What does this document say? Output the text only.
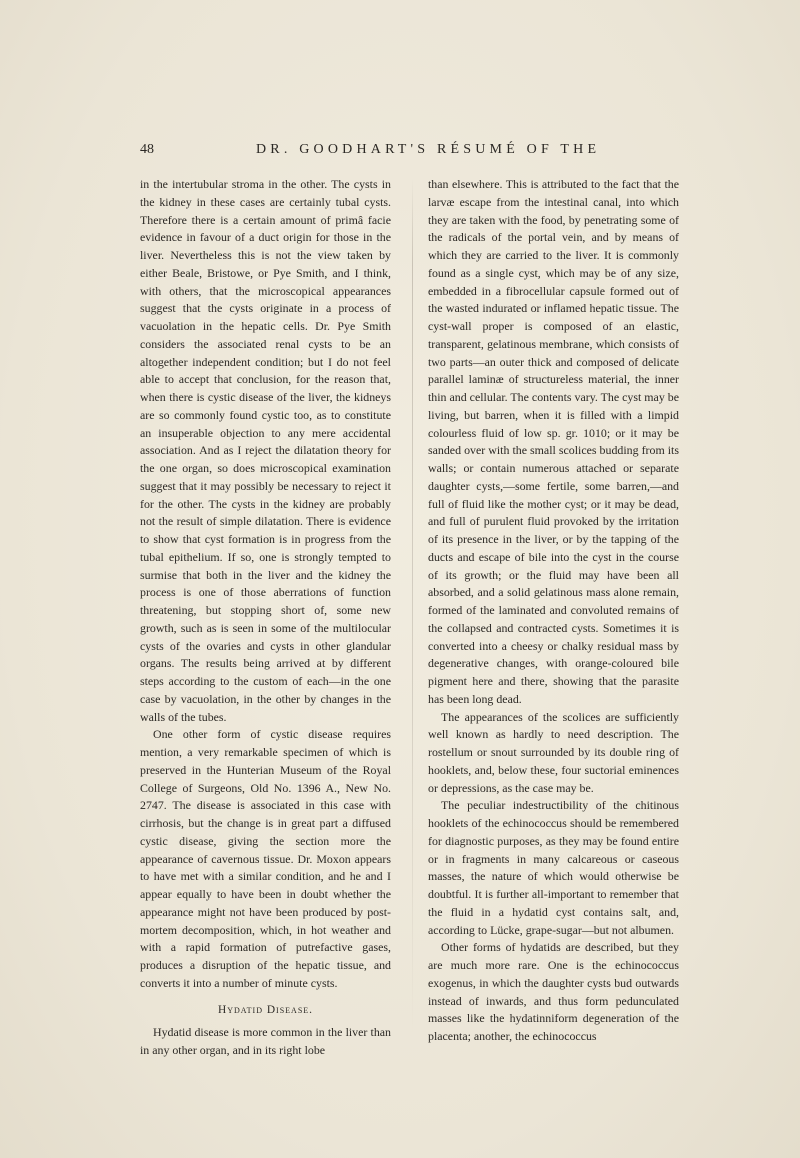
48	DR. GOODHART'S RÉSUMÉ OF THE

in the intertubular stroma in the other. The cysts in the kidney in these cases are certainly tubal cysts. Therefore there is a certain amount of primâ facie evidence in favour of a duct origin for those in the liver. Nevertheless this is not the view taken by either Beale, Bristowe, or Pye Smith, and I think, with others, that the microscopical appearances suggest that the cysts originate in a process of vacuolation in the hepatic cells. Dr. Pye Smith considers the associated renal cysts to be an altogether independent condition; but I do not feel able to accept that conclusion, for the reason that, when there is cystic disease of the liver, the kidneys are so commonly found cystic too, as to constitute an insuperable objection to any mere accidental association. And as I reject the dilatation theory for the one organ, so does microscopical examination suggest that it may possibly be necessary to reject it for the other. The cysts in the kidney are probably not the result of simple dilatation. There is evidence to show that cyst formation is in progress from the tubal epithelium. If so, one is strongly tempted to surmise that both in the liver and the kidney the process is one of those aberrations of function threatening, but stopping short of, some new growth, such as is seen in some of the multilocular cysts of the ovaries and cysts in other glandular organs. The results being arrived at by different steps according to the custom of each—in the one case by vacuolation, in the other by changes in the walls of the tubes.

One other form of cystic disease requires mention, a very remarkable specimen of which is preserved in the Hunterian Museum of the Royal College of Surgeons, Old No. 1396 A., New No. 2747. The disease is associated in this case with cirrhosis, but the change is in great part a diffused cystic disease, giving the section more the appearance of cavernous tissue. Dr. Moxon appears to have met with a similar condition, and he and I appear equally to have been in doubt whether the appearance might not have been produced by post-mortem decomposition, which, in hot weather and with a rapid formation of putrefactive gases, produces a disruption of the hepatic tissue, and converts it into a number of minute cysts.

Hydatid Disease.

Hydatid disease is more common in the liver than in any other organ, and in its right lobe

than elsewhere. This is attributed to the fact that the larvæ escape from the intestinal canal, into which they are taken with the food, by penetrating some of the radicals of the portal vein, and by means of which they are carried to the liver. It is commonly found as a single cyst, which may be of any size, embedded in a fibrocellular capsule formed out of the wasted indurated or inflamed hepatic tissue. The cyst-wall proper is composed of an elastic, transparent, gelatinous membrane, which consists of two parts—an outer thick and composed of delicate parallel laminæ of structureless material, the inner thin and cellular. The contents vary. The cyst may be living, but barren, when it is filled with a limpid colourless fluid of low sp. gr. 1010; or it may be sanded over with the small scolices budding from its walls; or contain numerous attached or separate daughter cysts,—some fertile, some barren,—and full of fluid like the mother cyst; or it may be dead, and full of purulent fluid provoked by the irritation of its presence in the liver, or by the tapping of the ducts and escape of bile into the cyst in the course of its growth; or the fluid may have been all absorbed, and a solid gelatinous mass alone remain, formed of the laminated and convoluted remains of the collapsed and contracted cysts. Sometimes it is converted into a cheesy or chalky residual mass by degenerative changes, with orange-coloured bile pigment here and there, showing that the parasite has been long dead.

The appearances of the scolices are sufficiently well known as hardly to need description. The rostellum or snout surrounded by its double ring of hooklets, and, below these, four suctorial eminences or depressions, as the case may be.

The peculiar indestructibility of the chitinous hooklets of the echinococcus should be remembered for diagnostic purposes, as they may be found entire or in fragments in many calcareous or caseous masses, the nature of which would otherwise be doubtful. It is further all-important to remember that the fluid in a hydatid cyst contains salt, and, according to Lücke, grape-sugar—but not albumen.

Other forms of hydatids are described, but they are much more rare. One is the echinococcus exogenus, in which the daughter cysts bud outwards instead of inwards, and thus form pedunculated masses like the hydatinniform degeneration of the placenta; another, the echinococcus
